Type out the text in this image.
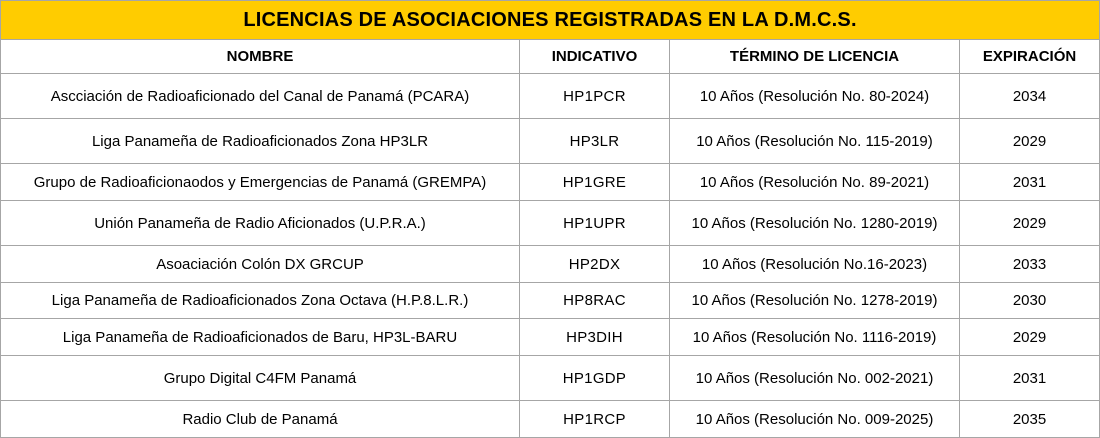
LICENCIAS DE ASOCIACIONES REGISTRADAS EN LA D.M.C.S.			
NOMBRE	INDICATIVO	TÉRMINO DE LICENCIA	EXPIRACIÓN
Ascciación de Radioaficionado del Canal de Panamá (PCARA)	HP1PCR	10 Años (Resolución No. 80-2024)	2034
Liga Panameña de Radioaficionados Zona HP3LR	HP3LR	10 Años (Resolución No. 115-2019)	2029
Grupo de Radioaficionaodos y Emergencias de Panamá (GREMPA)	HP1GRE	10 Años (Resolución No. 89-2021)	2031
Unión Panameña de Radio Aficionados (U.P.R.A.)	HP1UPR	10 Años (Resolución No. 1280-2019)	2029
Asoaciación Colón DX GRCUP	HP2DX	10 Años (Resolución No.16-2023)	2033
Liga Panameña de Radioaficionados Zona Octava (H.P.8.L.R.)	HP8RAC	10 Años (Resolución No. 1278-2019)	2030
Liga Panameña de Radioaficionados de Baru, HP3L-BARU	HP3DIH	10 Años (Resolución No. 1116-2019)	2029
Grupo Digital C4FM Panamá	HP1GDP	10 Años (Resolución No. 002-2021)	2031
Radio Club de Panamá	HP1RCP	10 Años (Resolución No. 009-2025)	2035
